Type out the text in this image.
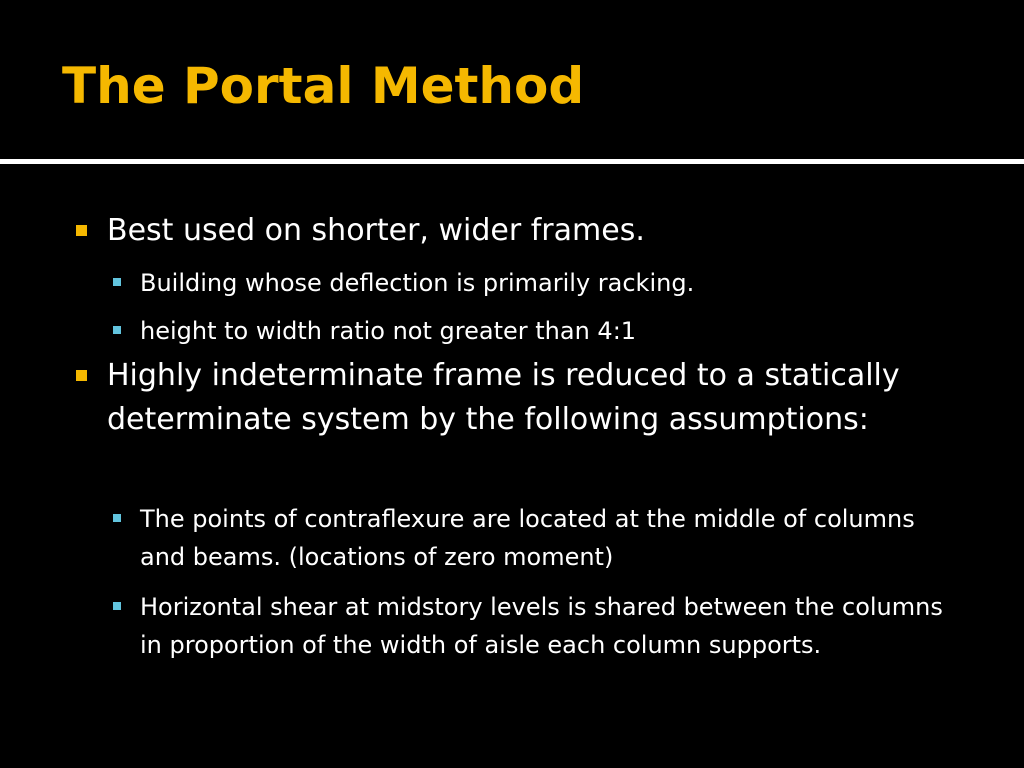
The Portal Method
Best used on shorter, wider frames.
Building whose deflection is primarily racking.
height to width ratio not greater than 4:1
Highly indeterminate frame is reduced to a statically determinate system by the following assumptions:
The points of contraflexure are located at the middle of columns and beams. (locations of zero moment)
Horizontal shear at midstory levels is shared between the columns in proportion of the width of aisle each column supports.
